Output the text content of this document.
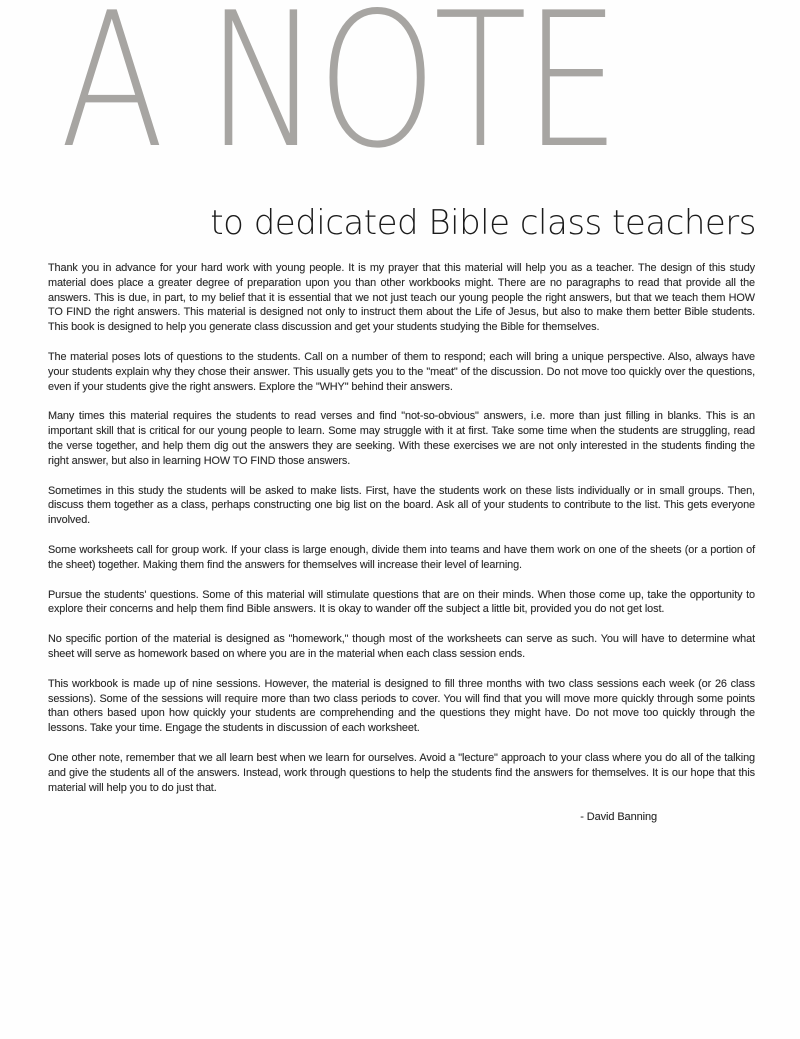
A NOTE
to dedicated Bible class teachers

Thank you in advance for your hard work with young people. It is my prayer that this material will help you as a teacher. The design of this study material does place a greater degree of preparation upon you than other workbooks might. There are no paragraphs to read that provide all the answers. This is due, in part, to my belief that it is essential that we not just teach our young people the right answers, but that we teach them HOW TO FIND the right answers. This material is designed not only to instruct them about the Life of Jesus, but also to make them better Bible students. This book is designed to help you generate class discussion and get your students studying the Bible for themselves.

The material poses lots of questions to the students. Call on a number of them to respond; each will bring a unique perspective. Also, always have your students explain why they chose their answer. This usually gets you to the "meat" of the discussion. Do not move too quickly over the questions, even if your students give the right answers. Explore the "WHY" behind their answers.

Many times this material requires the students to read verses and find "not-so-obvious" answers, i.e. more than just filling in blanks. This is an important skill that is critical for our young people to learn. Some may struggle with it at first. Take some time when the students are struggling, read the verse together, and help them dig out the answers they are seeking. With these exercises we are not only interested in the students finding the right answer, but also in learning HOW TO FIND those answers.

Sometimes in this study the students will be asked to make lists. First, have the students work on these lists individually or in small groups. Then, discuss them together as a class, perhaps constructing one big list on the board. Ask all of your students to contribute to the list. This gets everyone involved.

Some worksheets call for group work. If your class is large enough, divide them into teams and have them work on one of the sheets (or a portion of the sheet) together. Making them find the answers for themselves will increase their level of learning.

Pursue the students' questions. Some of this material will stimulate questions that are on their minds. When those come up, take the opportunity to explore their concerns and help them find Bible answers. It is okay to wander off the subject a little bit, provided you do not get lost.

No specific portion of the material is designed as "homework," though most of the worksheets can serve as such. You will have to determine what sheet will serve as homework based on where you are in the material when each class session ends.

This workbook is made up of nine sessions. However, the material is designed to fill three months with two class sessions each week (or 26 class sessions). Some of the sessions will require more than two class periods to cover. You will find that you will move more quickly through some points than others based upon how quickly your students are comprehending and the questions they might have. Do not move too quickly through the lessons. Take your time. Engage the students in discussion of each worksheet.

One other note, remember that we all learn best when we learn for ourselves. Avoid a "lecture" approach to your class where you do all of the talking and give the students all of the answers. Instead, work through questions to help the students find the answers for themselves. It is our hope that this material will help you to do just that.

- David Banning
